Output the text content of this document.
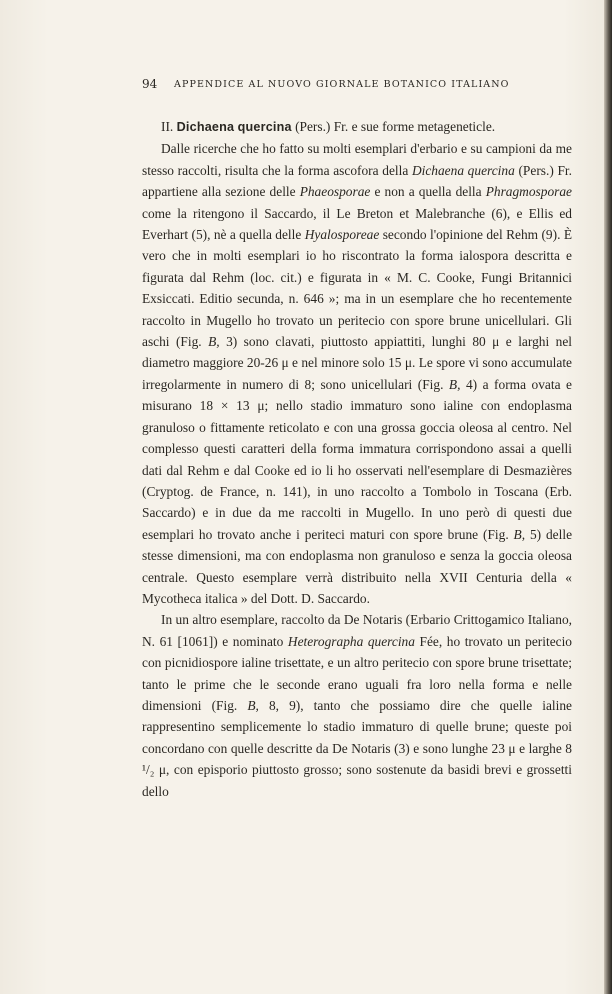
94 APPENDICE AL NUOVO GIORNALE BOTANICO ITALIANO

II. Dichaena quercina (Pers.) Fr. e sue forme metageneticle.

Dalle ricerche che ho fatto su molti esemplari d'erbario e su campioni da me stesso raccolti, risulta che la forma ascofora della Dichaena quercina (Pers.) Fr. appartiene alla sezione delle Phaeosporae e non a quella della Phragmosporae come la ritengono il Saccardo, il Le Breton et Malebranche (6), e Ellis ed Everhart (5), nè a quella delle Hyalosporeae secondo l'opinione del Rehm (9). È vero che in molti esemplari io ho riscontrato la forma ialospora descritta e figurata dal Rehm (loc. cit.) e figurata in « M. C. Cooke, Fungi Britannici Exsiccati. Editio secunda, n. 646 »; ma in un esemplare che ho recentemente raccolto in Mugello ho trovato un peritecio con spore brune unicellulari. Gli aschi (Fig. B, 3) sono clavati, piuttosto appiattiti, lunghi 80 μ e larghi nel diametro maggiore 20-26 μ e nel minore solo 15 μ. Le spore vi sono accumulate irregolarmente in numero di 8; sono unicellulari (Fig. B, 4) a forma ovata e misurano 18 × 13 μ; nello stadio immaturo sono ialine con endoplasma granuloso o fittamente reticolato e con una grossa goccia oleosa al centro. Nel complesso questi caratteri della forma immatura corrispondono assai a quelli dati dal Rehm e dal Cooke ed io li ho osservati nell'esemplare di Desmazières (Cryptog. de France, n. 141), in uno raccolto a Tombolo in Toscana (Erb. Saccardo) e in due da me raccolti in Mugello. In uno però di questi due esemplari ho trovato anche i periteci maturi con spore brune (Fig. B, 5) delle stesse dimensioni, ma con endoplasma non granuloso e senza la goccia oleosa centrale. Questo esemplare verrà distribuito nella XVII Centuria della « Mycotheca italica » del Dott. D. Saccardo.

In un altro esemplare, raccolto da De Notaris (Erbario Crittogamico Italiano, N. 61 [1061]) e nominato Heterographa quercina Fée, ho trovato un peritecio con picnidiospore ialine trisettate, e un altro peritecio con spore brune trisettate; tanto le prime che le seconde erano uguali fra loro nella forma e nelle dimensioni (Fig. B, 8, 9), tanto che possiamo dire che quelle ialine rappresentino semplicemente lo stadio immaturo di quelle brune; queste poi concordano con quelle descritte da De Notaris (3) e sono lunghe 23 μ e larghe 8 ¹/₂ μ, con episporio piuttosto grosso; sono sostenute da basidi brevi e grossetti dello
